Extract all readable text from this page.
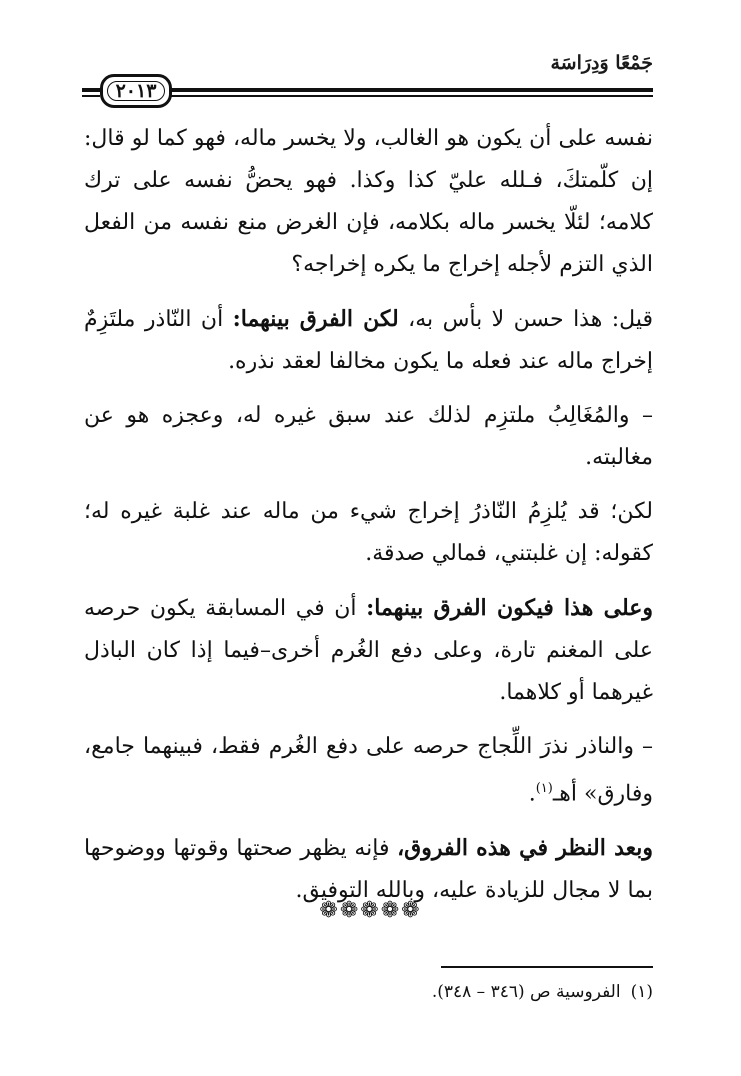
جَمْعًا وَدِرَاسَة
٢٠١٣

نفسه على أن يكون هو الغالب، ولا يخسر ماله، فهو كما لو قال: إن كلّمتكَ، فـلله عليّ كذا وكذا. فهو يحضُّ نفسه على ترك كلامه؛ لئلّا يخسر ماله بكلامه، فإن الغرض منع نفسه من الفعل الذي التزم لأجله إخراج ما يكره إخراجه؟

قيل: هذا حسن لا بأس به، لكن الفرق بينهما: أن النّاذر ملتَزِمٌ إخراج ماله عند فعله ما يكون مخالفا لعقد نذره.

– والمُغَالِبُ ملتزِم لذلك عند سبق غيره له، وعجزه هو عن مغالبته.

لكن؛ قد يُلزِمُ النّاذرُ إخراج شيء من ماله عند غلبة غيره له؛ كقوله: إن غلبتني، فمالي صدقة.

وعلى هذا فيكون الفرق بينهما: أن في المسابقة يكون حرصه على المغنم تارة، وعلى دفع الغُرم أخرى–فيما إذا كان الباذل غيرهما أو كلاهما.

– والناذر نذرَ اللِّجاج حرصه على دفع الغُرم فقط، فبينهما جامع، وفارق» أهـ$^{(١)}$.

وبعد النظر في هذه الفروق، فإنه يظهر صحتها وقوتها ووضوحها بما لا مجال للزيادة عليه، وبالله التوفيق.

❁❁❁❁❁
(١)الفروسية ص (٣٤٦ – ٣٤٨).
